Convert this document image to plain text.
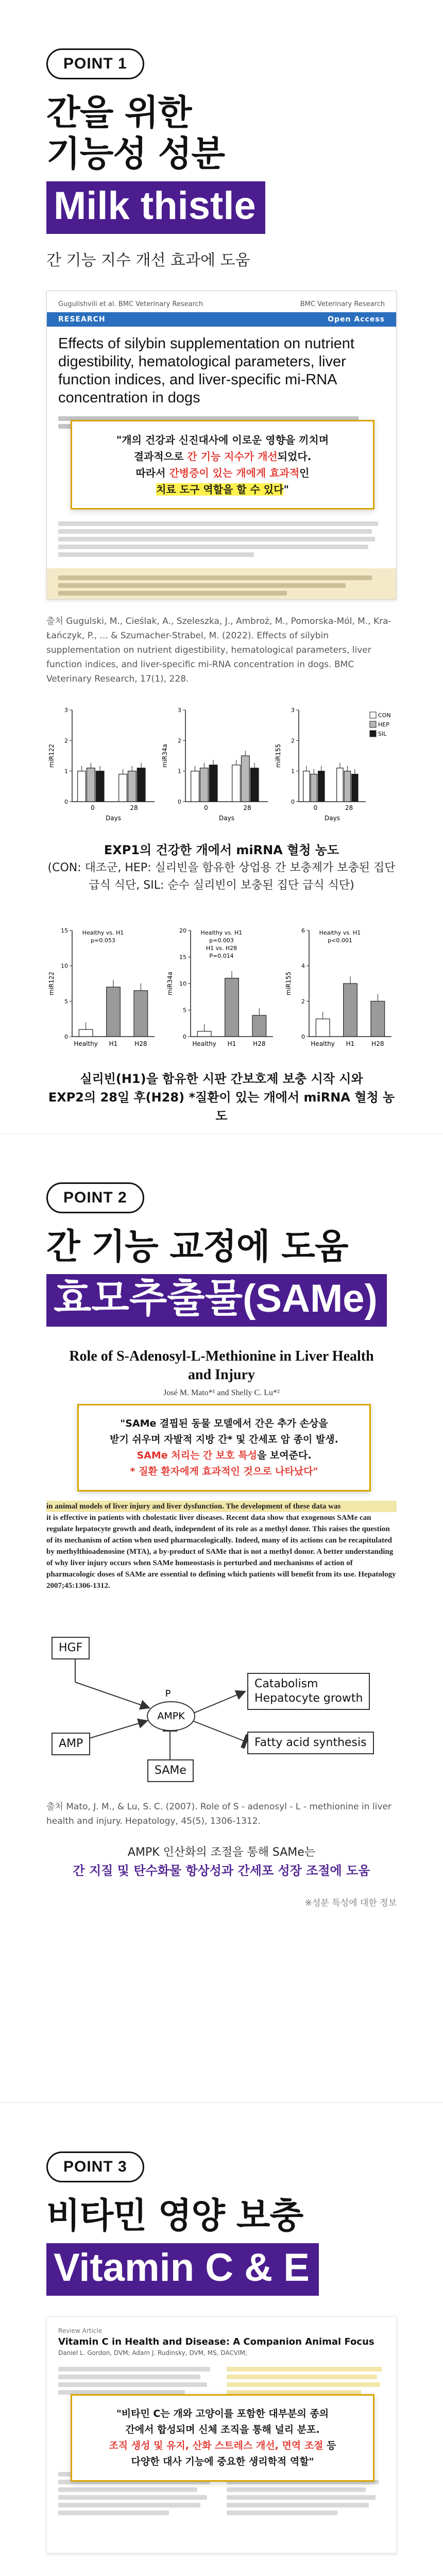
POINT 1
간을 위한
기능성 성분
Milk thistle
간 기능 지수 개선 효과에 도움
Gugulishvili et al. BMC Veterinary Research	BMC Veterinary Research
RESEARCH	Open Access
Effects of silybin supplementation on nutrient digestibility, hematological parameters, liver function indices, and liver-specific mi-RNA concentration in dogs
"개의 건강과 신진대사에 이로운 영향을 끼치며
결과적으로 간 기능 지수가 개선되었다.
따라서 간병증이 있는 개에게 효과적인
치료 도구 역할을 할 수 있다"
출처 Gugulski, M., Cieślak, A., Szeleszka, J., Ambroż, M., Pomorska-Mól, M., Kra-Łańczyk, P., ... & Szumacher-Strabel, M. (2022). Effects of silybin supplementation on nutrient digestibility, hematological parameters, liver function indices, and liver-specific mi-RNA concentration in dogs. BMC Veterinary Research, 17(1), 228.
0
1
2
3
miR122
0	28
Days
0
1
2
3
miR34a
0	28
Days
0
1
2
3
miR155
0	28
Days
CON
HEP
SIL
EXP1의 건강한 개에서 miRNA 혈청 농도
(CON: 대조군, HEP: 실리빈을 함유한 상업용 간 보충제가 보충된 집단
급식 식단, SIL: 순수 실리빈이 보충된 집단 급식 식단)
0
5
10
15
miR122
Healthy H1	H28
Healthy vs. H1
p=0.053
0
5
10
15
20
miR34a
Healthy H1	H28
Healthy vs. H1
p=0.003
H1 vs. H28
P=0.014
0
2
4
6
miR155
Healthy H1	H28
Healthy vs. H1
p<0.001
실리빈(H1)을 함유한 시판 간보호제 보충 시작 시와
EXP2의 28일 후(H28) *질환이 있는 개에서 miRNA 혈청 농도
POINT 2
간 기능 교정에 도움
효모추출물(SAMe)
Role of S-Adenosyl-L-Methionine in Liver Health
and Injury
José M. Mato*¹ and Shelly C. Lu*²
in animal models of liver injury and liver dysfunction. The development of these data was
it is effective in patients with cholestatic liver diseases. Recent data show that exogenous SAMe can regulate hepatocyte growth and death, independent of its role as a methyl donor. This raises the question of its mechanism of action when used pharmacologically. Indeed, many of its actions can be recapitulated by methylthioadenosine (MTA), a by-product of SAMe that is not a methyl donor. A better understanding of why liver injury occurs when SAMe homeostasis is perturbed and mechanisms of action of pharmacologic doses of SAMe are essential to defining which patients will benefit from its use. Hepatology 2007;45:1306-1312.
"SAMe 결핍된 동물 모델에서 간은 추가 손상을
받기 쉬우며 자발적 지방 간* 및 간세포 암 종이 발생.
SAMe 처리는 간 보호 특성을 보여준다.
* 질환 환자에게 효과적인 것으로 나타났다"
AMPK
P
HGF
AMP
SAMe
Catabolism
Hepatocyte growth
Fatty acid synthesis
출처 Mato, J. M., & Lu, S. C. (2007). Role of S - adenosyl - L - methionine in liver health and injury. Hepatology, 45(5), 1306-1312.
AMPK 인산화의 조절을 통해 SAMe는
간 지질 및 탄수화물 항상성과 간세포 성장 조절에 도움
※성분 특성에 대한 정보
POINT 3
비타민 영양 보충
Vitamin C & E
Review Article
Vitamin C in Health and Disease: A Companion Animal Focus
Daniel L. Gordon, DVM; Adam J. Rudinsky, DVM, MS, DACVIM;
"비타민 C는 개와 고양이를 포함한 대부분의 종의
간에서 합성되며 신체 조직을 통해 널리 분포.
조직 생성 및 유지, 산화 스트레스 개선, 면역 조절 등
다양한 대사 기능에 중요한 생리학적 역할"
